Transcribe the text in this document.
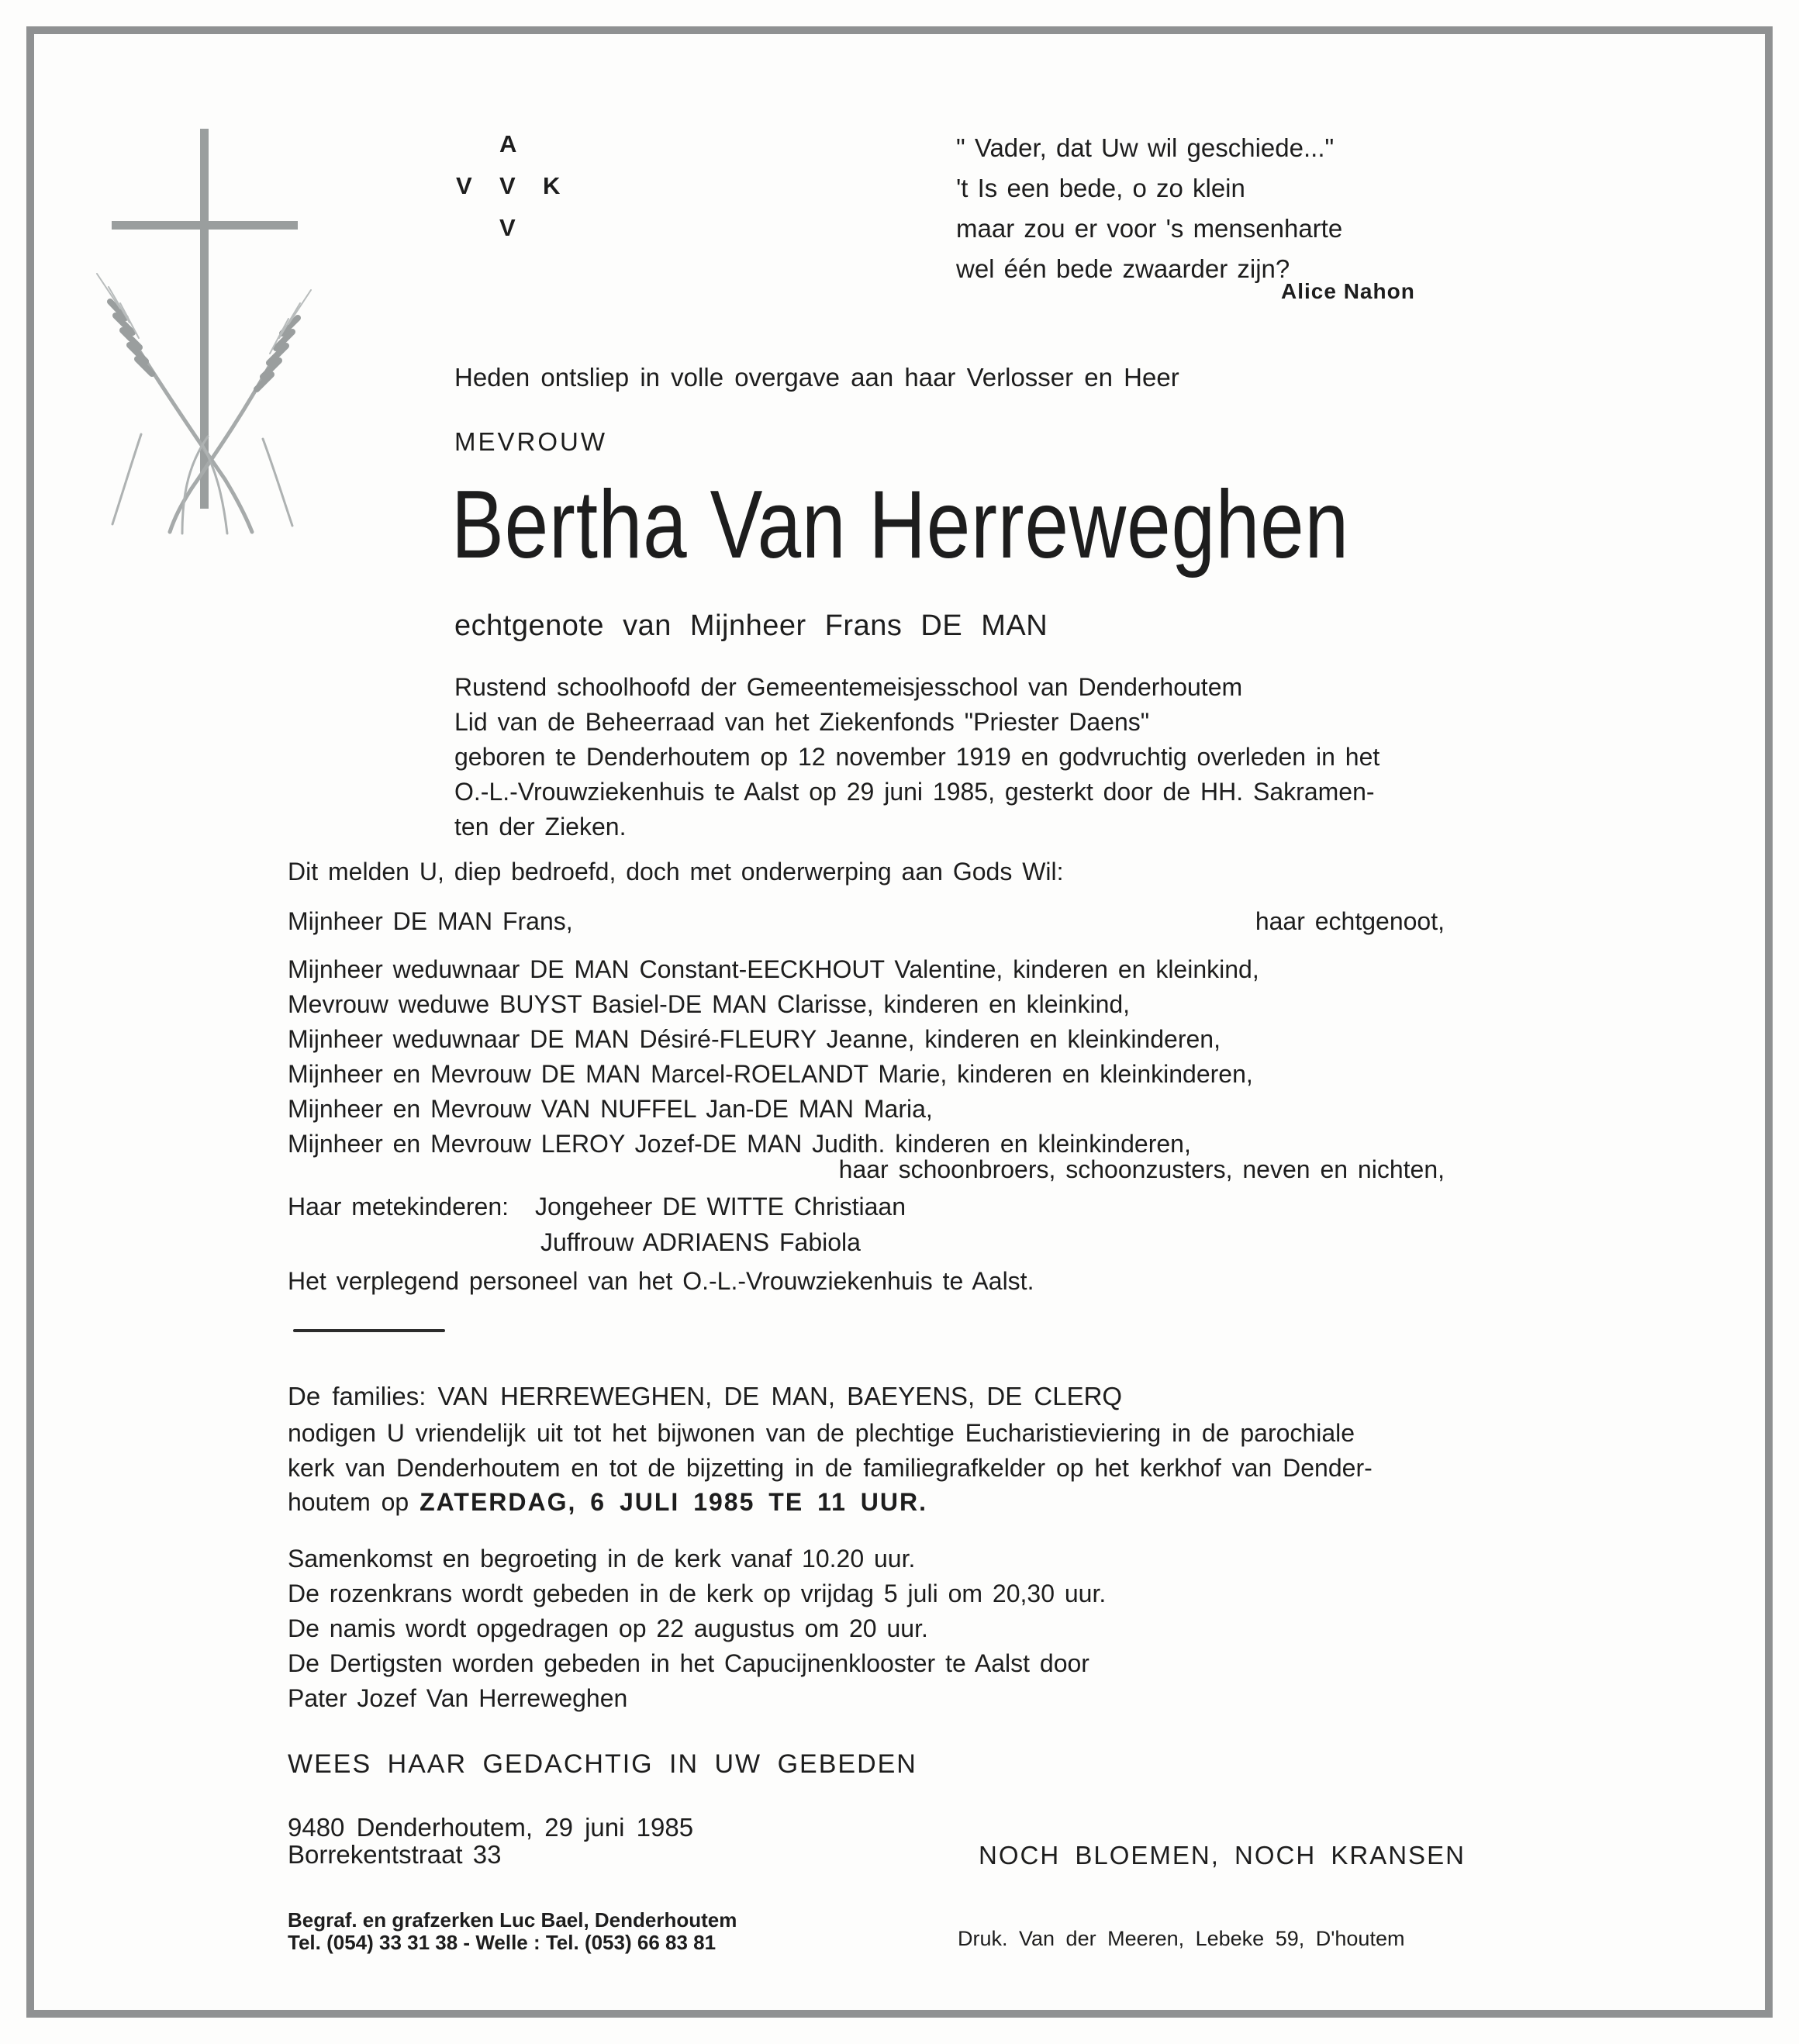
A
V V K
V
" Vader, dat Uw wil geschiede..."
't Is een bede, o zo klein
maar zou er voor 's mensenharte
wel één bede zwaarder zijn?
Alice Nahon
Heden ontsliep in volle overgave aan haar Verlosser en Heer
MEVROUW
Bertha Van Herreweghen
echtgenote van Mijnheer Frans DE MAN
Rustend schoolhoofd der Gemeentemeisjesschool van Denderhoutem
Lid van de Beheerraad van het Ziekenfonds "Priester Daens"
geboren te Denderhoutem op 12 november 1919 en godvruchtig overleden in het
O.-L.-Vrouwziekenhuis te Aalst op 29 juni 1985, gesterkt door de HH. Sakramen-
ten der Zieken.
Dit melden U, diep bedroefd, doch met onderwerping aan Gods Wil:
Mijnheer DE MAN Frans,	haar echtgenoot,
Mijnheer weduwnaar DE MAN Constant-EECKHOUT Valentine, kinderen en kleinkind,
Mevrouw weduwe BUYST Basiel-DE MAN Clarisse, kinderen en kleinkind,
Mijnheer weduwnaar DE MAN Désiré-FLEURY Jeanne, kinderen en kleinkinderen,
Mijnheer en Mevrouw DE MAN Marcel-ROELANDT Marie, kinderen en kleinkinderen,
Mijnheer en Mevrouw VAN NUFFEL Jan-DE MAN Maria,
Mijnheer en Mevrouw LEROY Jozef-DE MAN Judith. kinderen en kleinkinderen,
haar schoonbroers, schoonzusters, neven en nichten,
Haar metekinderen: Jongeheer DE WITTE Christiaan
Juffrouw ADRIAENS Fabiola
Het verplegend personeel van het O.-L.-Vrouwziekenhuis te Aalst.
De families: VAN HERREWEGHEN, DE MAN, BAEYENS, DE CLERQ
nodigen U vriendelijk uit tot het bijwonen van de plechtige Eucharistieviering in de parochiale
kerk van Denderhoutem en tot de bijzetting in de familiegrafkelder op het kerkhof van Dender-
houtem op ZATERDAG, 6 JULI 1985 TE 11 UUR.
Samenkomst en begroeting in de kerk vanaf 10.20 uur.
De rozenkrans wordt gebeden in de kerk op vrijdag 5 juli om 20,30 uur.
De namis wordt opgedragen op 22 augustus om 20 uur.
De Dertigsten worden gebeden in het Capucijnenklooster te Aalst door
Pater Jozef Van Herreweghen
WEES HAAR GEDACHTIG IN UW GEBEDEN
9480 Denderhoutem, 29 juni 1985
Borrekentstraat 33	NOCH BLOEMEN, NOCH KRANSEN
Begraf. en grafzerken Luc Bael, Denderhoutem
Tel. (054) 33 31 38 - Welle : Tel. (053) 66 83 81	Druk. Van der Meeren, Lebeke 59, D'houtem
